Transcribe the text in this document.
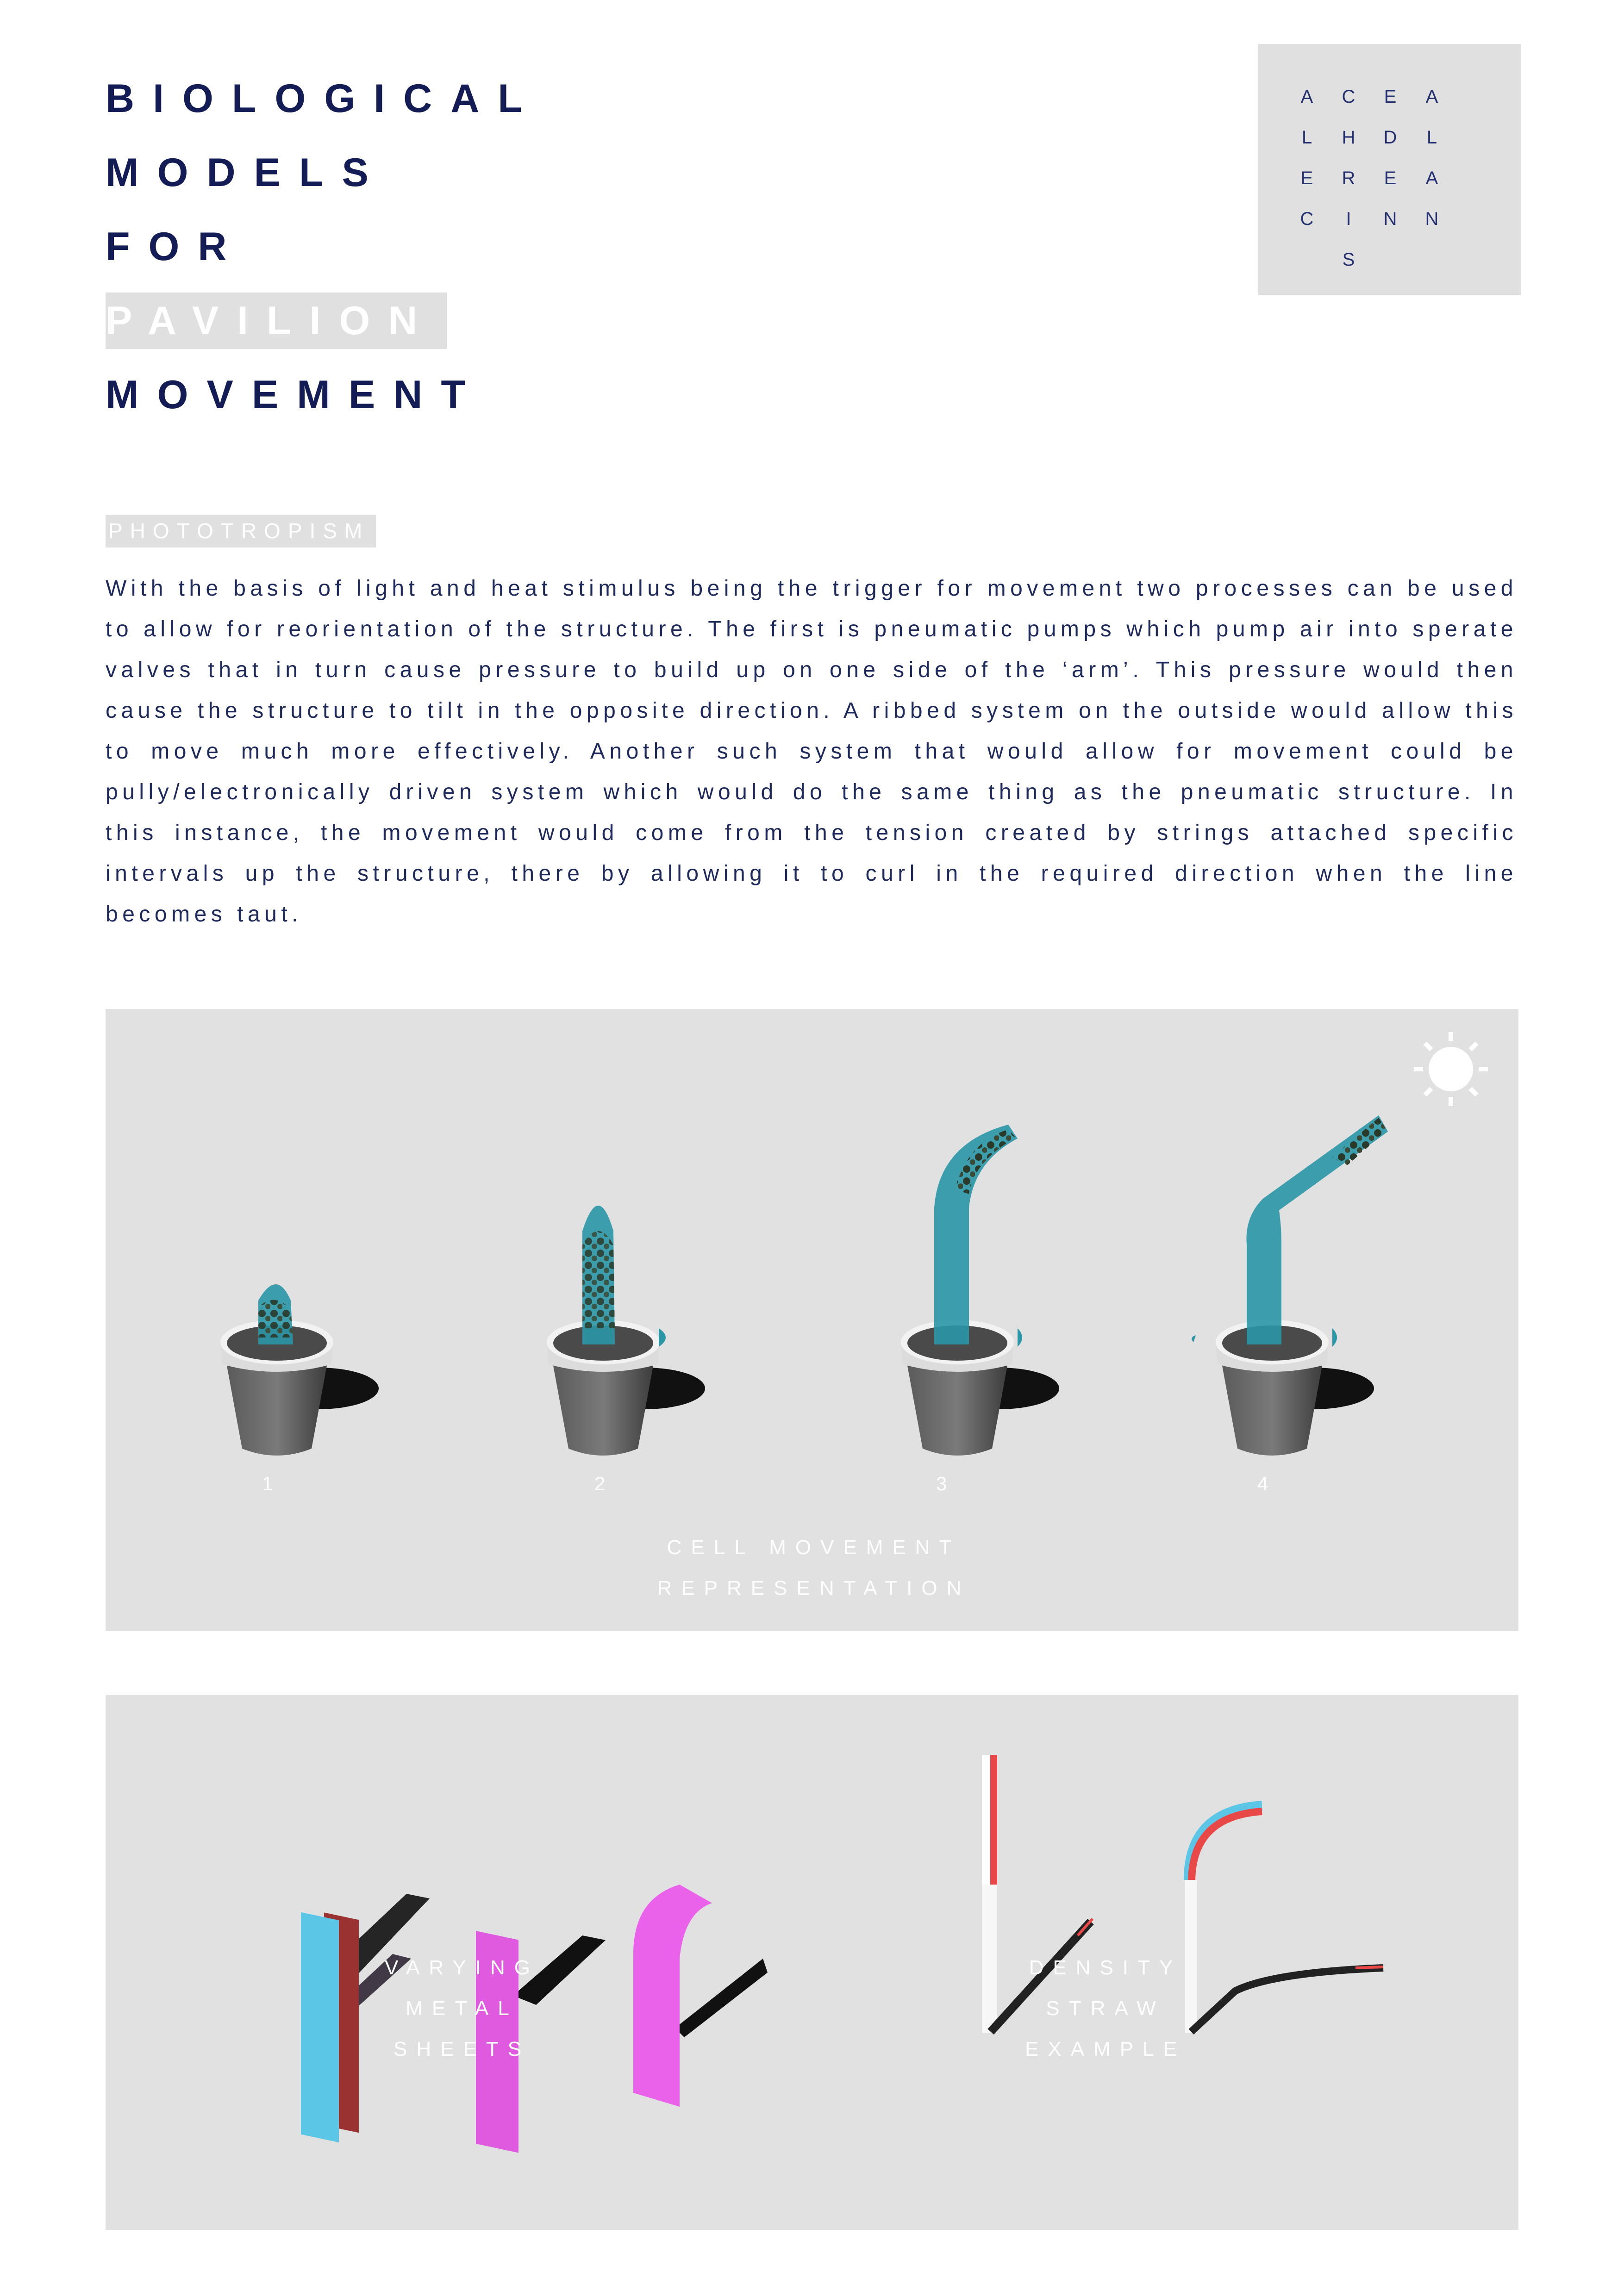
BIOLOGICAL
MODELS
FOR
PAVILION
MOVEMENT
A
L
E
C
C
H
R
I
S
E
D
E
N
A
L
A
N
PHOTOTROPISM
With the basis of light and heat stimulus being the trigger for movement two processes can be used to allow for reorientation of the structure. The first is pneumatic pumps which pump air into sperate valves that in turn cause pressure to build up on one side of the ‘arm’. This pressure would then cause the structure to tilt in the opposite direction. A ribbed system on the outside would allow this to move much more effectively. Another such system that would allow for movement could be pully/electronically driven system which would do the same thing as the pneumatic structure. In this instance, the movement would come from the tension created by strings attached specific intervals up the structure, there by allowing it to curl in the required direction when the line becomes taut.
1	2	3	4
CELL MOVEMENT
REPRESENTATION
VARYING
METAL SHEETS
DENSITY STRAW
EXAMPLE
